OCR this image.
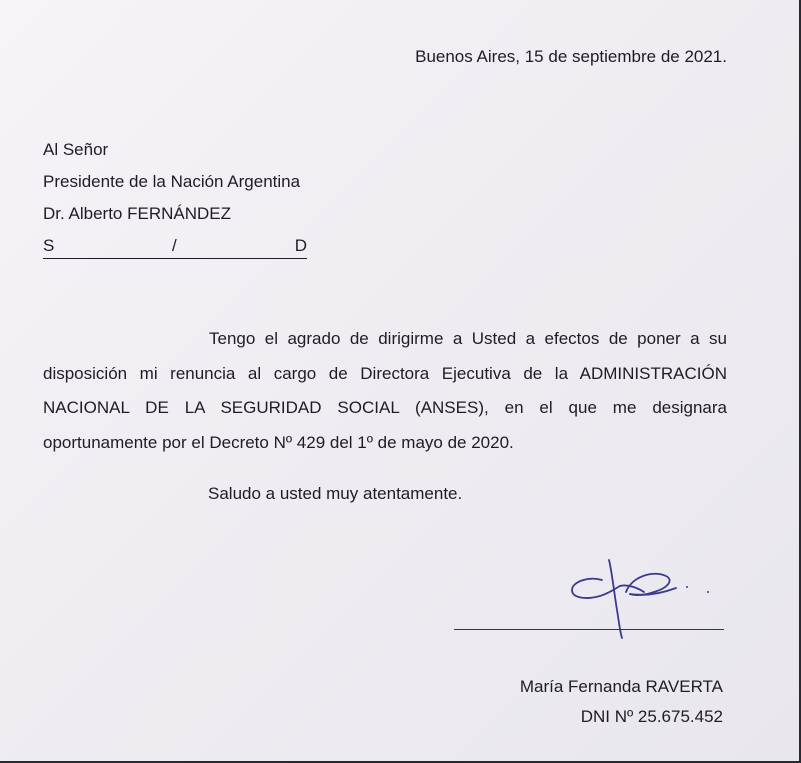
Buenos Aires, 15 de septiembre de 2021.
Al Señor
Presidente de la Nación Argentina
Dr. Alberto FERNÁNDEZ
S	/	D

Tengo el agrado de dirigirme a Usted a efectos de poner a su disposición mi renuncia al cargo de Directora Ejecutiva de la ADMINISTRACIÓN NACIONAL DE LA SEGURIDAD SOCIAL (ANSES), en el que me designara oportunamente por el Decreto Nº 429 del 1º de mayo de 2020.

Saludo a usted muy atentamente.
María Fernanda RAVERTA
DNI Nº 25.675.452
